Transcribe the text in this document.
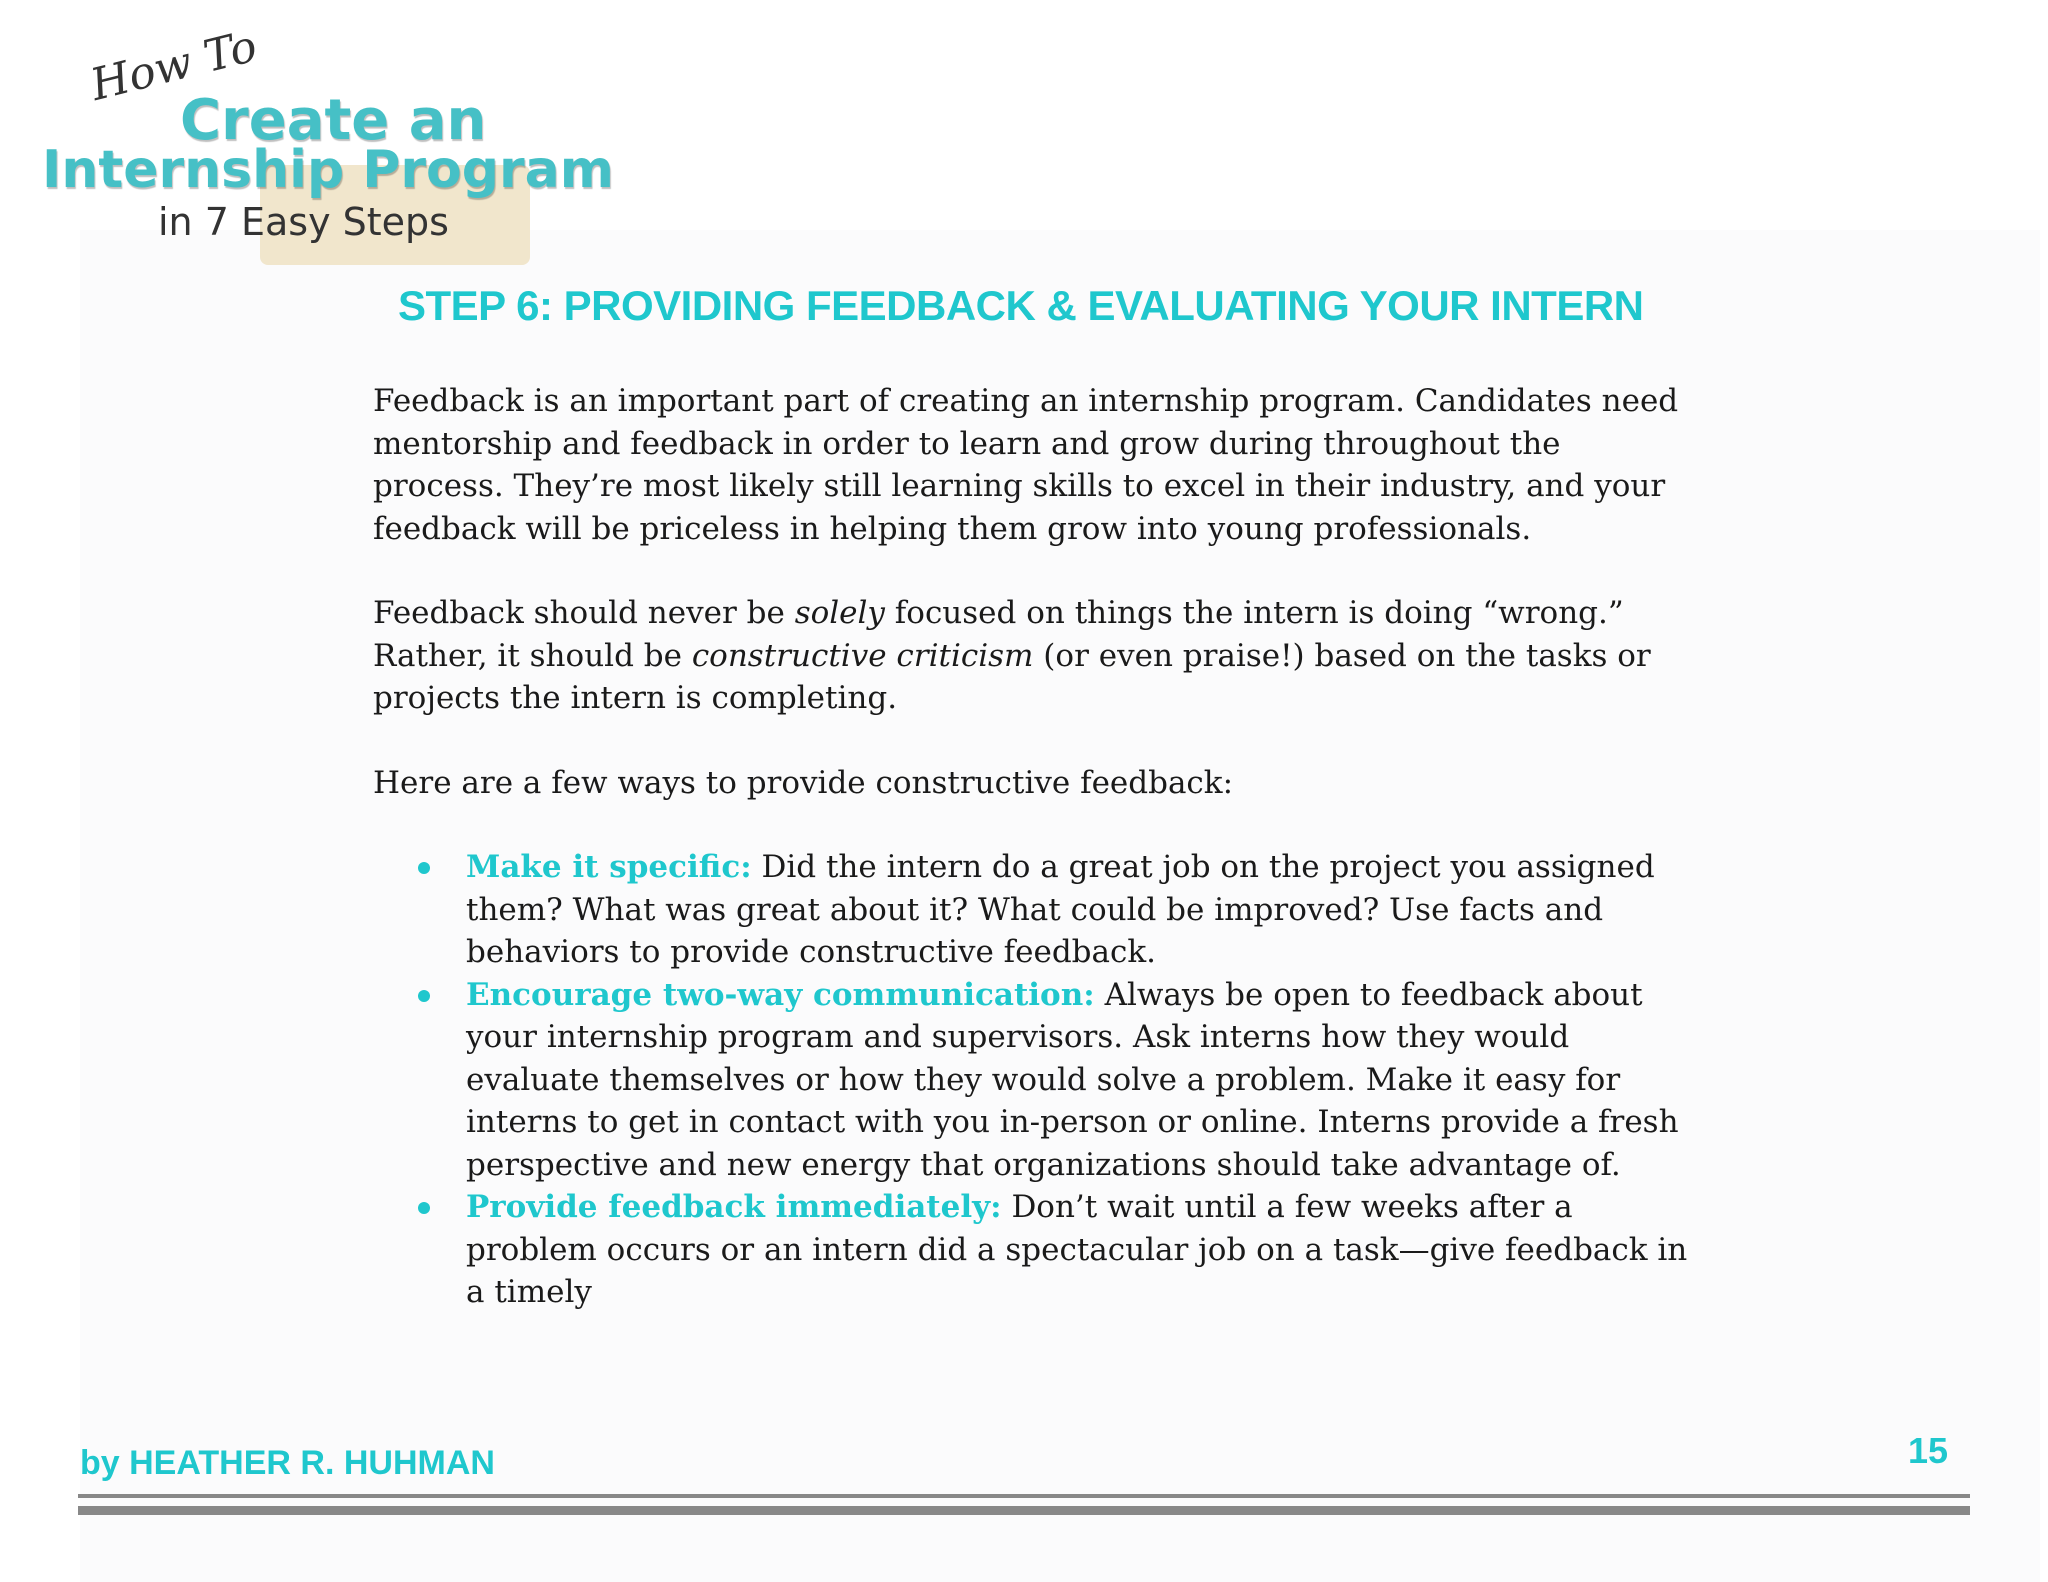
How To
Create an
Internship Program
in 7 Easy Steps
STEP 6: PROVIDING FEEDBACK & EVALUATING YOUR INTERN

Feedback is an important part of creating an internship program. Candidates need mentorship and feedback in order to learn and grow during throughout the process. They’re most likely still learning skills to excel in their industry, and your feedback will be priceless in helping them grow into young professionals.

Feedback should never be solely focused on things the intern is doing “wrong.” Rather, it should be constructive criticism (or even praise!) based on the tasks or projects the intern is completing.

Here are a few ways to provide constructive feedback:

Make it specific: Did the intern do a great job on the project you assigned them? What was great about it? What could be improved? Use facts and behaviors to provide constructive feedback.
Encourage two-way communication: Always be open to feedback about your internship program and supervisors. Ask interns how they would evaluate themselves or how they would solve a problem. Make it easy for interns to get in contact with you in-person or online. Interns provide a fresh perspective and new energy that organizations should take advantage of.
Provide feedback immediately: Don’t wait until a few weeks after a problem occurs or an intern did a spectacular job on a task—give feedback in a timely
by HEATHER R. HUHMAN	15
